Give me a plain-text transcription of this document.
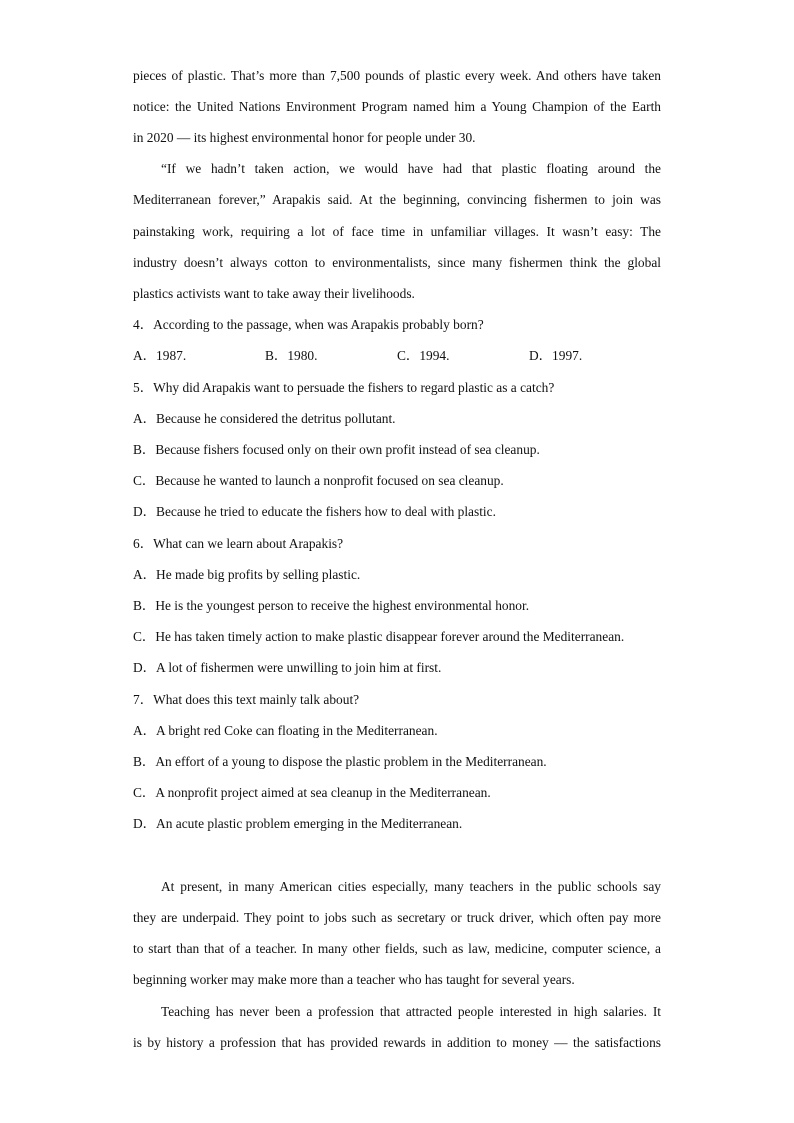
pieces of plastic. That’s more than 7,500 pounds of plastic every week. And others have taken
notice: the United Nations Environment Program named him a Young Champion of the Earth
in 2020 — its highest environmental honor for people under 30.
“If we hadn’t taken action, we would have had that plastic floating around the
Mediterranean forever,” Arapakis said. At the beginning, convincing fishermen to join was
painstaking work, requiring a lot of face time in unfamiliar villages. It wasn’t easy: The
industry doesn’t always cotton to environmentalists, since many fishermen think the global
plastics activists want to take away their livelihoods.
4．According to the passage, when was Arapakis probably born?
A．1987.	B．1980.	C．1994.	D．1997.
5．Why did Arapakis want to persuade the fishers to regard plastic as a catch?
A．Because he considered the detritus pollutant.
B．Because fishers focused only on their own profit instead of sea cleanup.
C．Because he wanted to launch a nonprofit focused on sea cleanup.
D．Because he tried to educate the fishers how to deal with plastic.
6．What can we learn about Arapakis?
A．He made big profits by selling plastic.
B．He is the youngest person to receive the highest environmental honor.
C．He has taken timely action to make plastic disappear forever around the Mediterranean.
D．A lot of fishermen were unwilling to join him at first.
7．What does this text mainly talk about?
A．A bright red Coke can floating in the Mediterranean.
B．An effort of a young to dispose the plastic problem in the Mediterranean.
C．A nonprofit project aimed at sea cleanup in the Mediterranean.
D．An acute plastic problem emerging in the Mediterranean.
At present, in many American cities especially, many teachers in the public schools say
they are underpaid. They point to jobs such as secretary or truck driver, which often pay more
to start than that of a teacher. In many other fields, such as law, medicine, computer science, a
beginning worker may make more than a teacher who has taught for several years.
Teaching has never been a profession that attracted people interested in high salaries. It
is by history a profession that has provided rewards in addition to money — the satisfactions
